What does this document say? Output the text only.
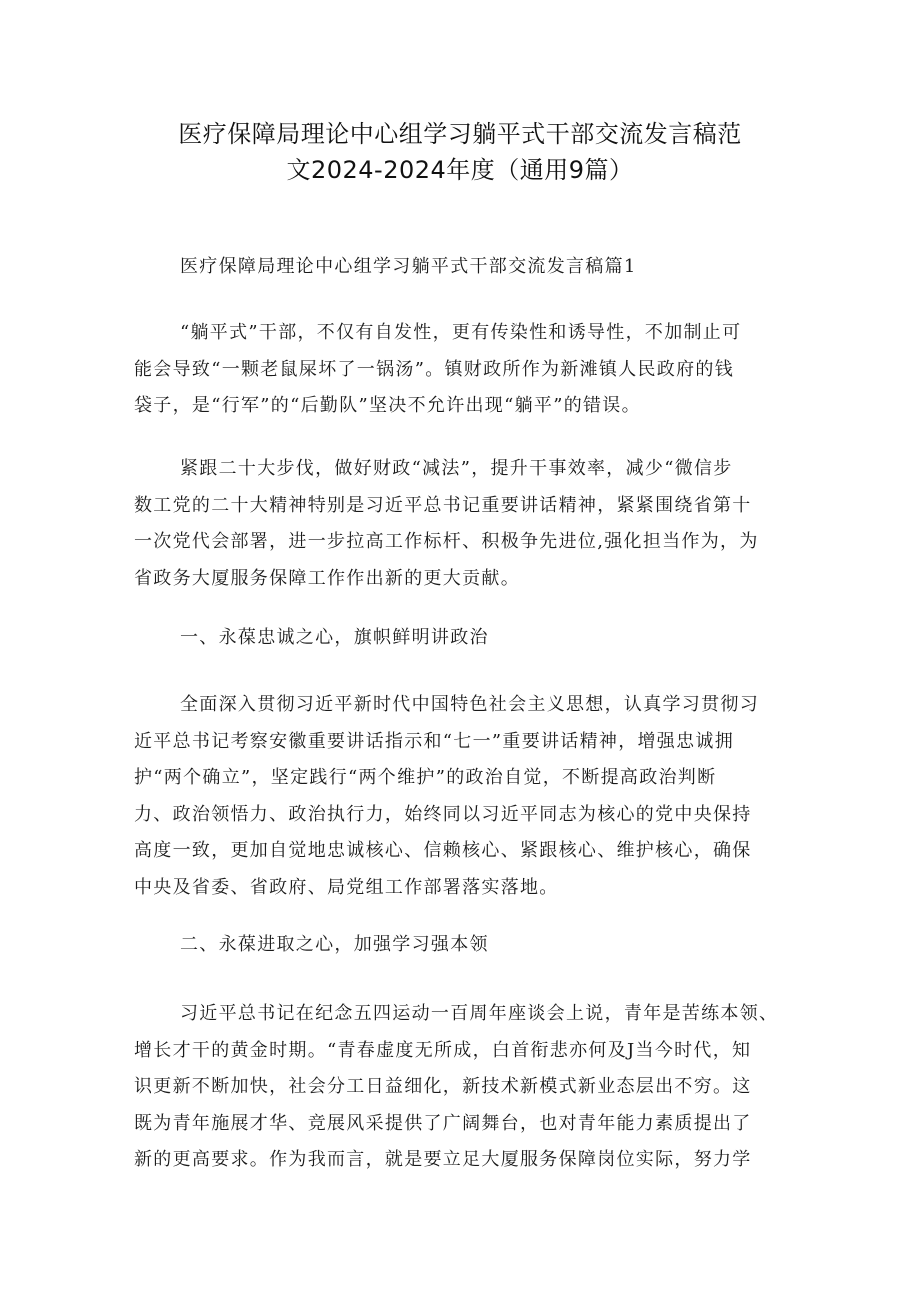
医疗保障局理论中心组学习躺平式干部交流发言稿范
文2024-2024年度（通用9篇）
医疗保障局理论中心组学习躺平式干部交流发言稿篇1
“躺平式”干部，不仅有自发性，更有传染性和诱导性，不加制止可
能会导致“一颗老鼠屎坏了一锅汤”。镇财政所作为新滩镇人民政府的钱
袋子，是“行军”的“后勤队”坚决不允许出现“躺平”的错误。
紧跟二十大步伐，做好财政“减法”，提升干事效率，减少“微信步
数工党的二十大精神特别是习近平总书记重要讲话精神，紧紧围绕省第十
一次党代会部署，进一步拉高工作标杆、积极争先进位,强化担当作为，为
省政务大厦服务保障工作作出新的更大贡献。
一、永葆忠诚之心，旗帜鲜明讲政治
全面深入贯彻习近平新时代中国特色社会主义思想，认真学习贯彻习
近平总书记考察安徽重要讲话指示和“七一”重要讲话精神，增强忠诚拥
护“两个确立”，坚定践行“两个维护”的政治自觉，不断提高政治判断
力、政治领悟力、政治执行力，始终同以习近平同志为核心的党中央保持
高度一致，更加自觉地忠诚核心、信赖核心、紧跟核心、维护核心，确保
中央及省委、省政府、局党组工作部署落实落地。
二、永葆进取之心，加强学习强本领
习近平总书记在纪念五四运动一百周年座谈会上说，青年是苦练本领、
增长才干的黄金时期。“青春虚度无所成，白首衔悲亦何及J当今时代，知
识更新不断加快，社会分工日益细化，新技术新模式新业态层出不穷。这
既为青年施展才华、竞展风采提供了广阔舞台，也对青年能力素质提出了
新的更高要求。作为我而言，就是要立足大厦服务保障岗位实际，努力学
